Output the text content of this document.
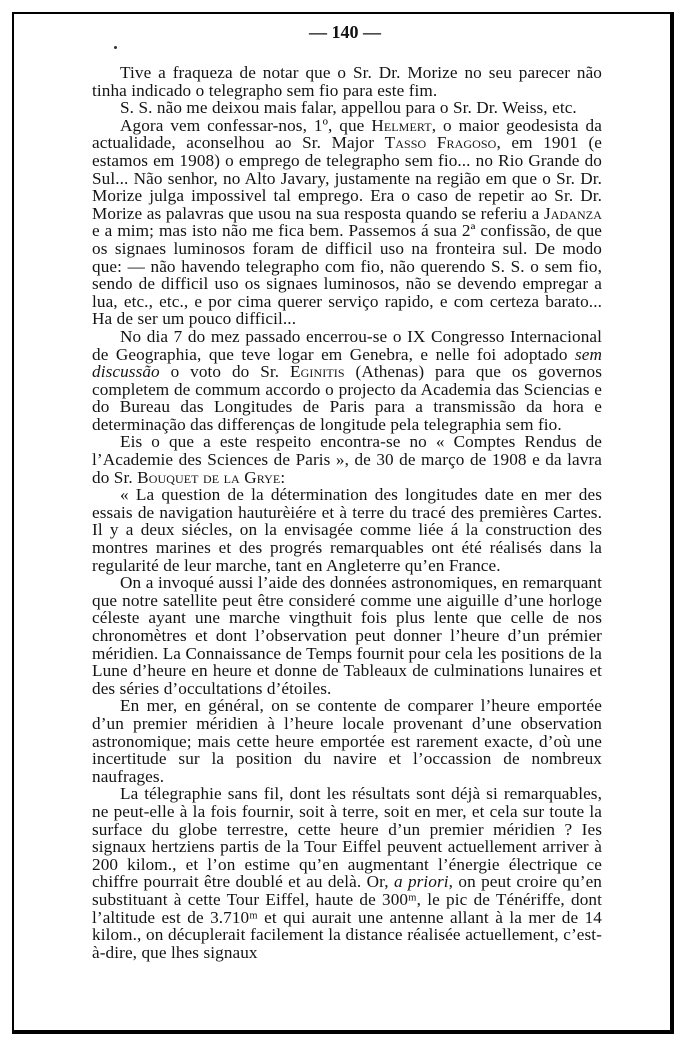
— 140 —

Tive a fraqueza de notar que o Sr. Dr. Morize no seu parecer não tinha indicado o telegrapho sem fio para este fim.

S. S. não me deixou mais falar, appellou para o Sr. Dr. Weiss, etc.

Agora vem confessar-nos, 1º, que Helmert, o maior geodesista da actualidade, aconselhou ao Sr. Major Tasso Fragoso, em 1901 (e estamos em 1908) o emprego de telegrapho sem fio... no Rio Grande do Sul... Não senhor, no Alto Javary, justamente na região em que o Sr. Dr. Morize julga impossivel tal emprego. Era o caso de repetir ao Sr. Dr. Morize as palavras que usou na sua resposta quando se referiu a Jadanza e a mim; mas isto não me fica bem. Passemos á sua 2ª confissão, de que os signaes luminosos foram de difficil uso na fronteira sul. De modo que: — não havendo telegrapho com fio, não querendo S. S. o sem fio, sendo de difficil uso os signaes luminosos, não se devendo empregar a lua, etc., etc., e por cima querer serviço rapido, e com certeza barato... Ha de ser um pouco difficil...

No dia 7 do mez passado encerrou-se o IX Congresso Internacional de Geographia, que teve logar em Genebra, e nelle foi adoptado sem discussão o voto do Sr. Eginitis (Athenas) para que os governos completem de commum accordo o projecto da Academia das Sciencias e do Bureau das Longitudes de Paris para a transmissão da hora e determinação das differenças de longitude pela telegraphia sem fio.

Eis o que a este respeito encontra-se no « Comptes Rendus de l’Academie des Sciences de Paris », de 30 de março de 1908 e da lavra do Sr. Bouquet de la Grye:

« La question de la détermination des longitudes date en mer des essais de navigation hauturèiére et à terre du tracé des premières Cartes. Il y a deux siécles, on la envisagée comme liée á la construction des montres marines et des progrés remarquables ont été réalisés dans la regularité de leur marche, tant en Angleterre qu’en France.

On a invoqué aussi l’aide des données astronomiques, en remarquant que notre satellite peut être consideré comme une aiguille d’une horloge céleste ayant une marche vingthuit fois plus lente que celle de nos chronomètres et dont l’observation peut donner l’heure d’un prémier méridien. La Connaissance de Temps fournit pour cela les positions de la Lune d’heure en heure et donne de Tableaux de culminations lunaires et des séries d’occultations d’étoiles.

En mer, en général, on se contente de comparer l’heure emportée d’un premier méridien à l’heure locale provenant d’une observation astronomique; mais cette heure emportée est rarement exacte, d’où une incertitude sur la position du navire et l’occassion de nombreux naufrages.

La télegraphie sans fil, dont les résultats sont déjà si remarquables, ne peut-elle à la fois fournir, soit à terre, soit en mer, et cela sur toute la surface du globe terrestre, cette heure d’un premier méridien ? Ies signaux hertziens partis de la Tour Eiffel peuvent actuellement arriver à 200 kilom., et l’on estime qu’en augmentant l’énergie électrique ce chiffre pourrait être doublé et au delà. Or, a priori, on peut croire qu’en substituant à cette Tour Eiffel, haute de 300ᵐ, le pic de Ténériffe, dont l’altitude est de 3.710ᵐ et qui aurait une antenne allant à la mer de 14 kilom., on décuplerait facilement la distance réalisée actuellement, c’est-à-dire, que lhes signaux
